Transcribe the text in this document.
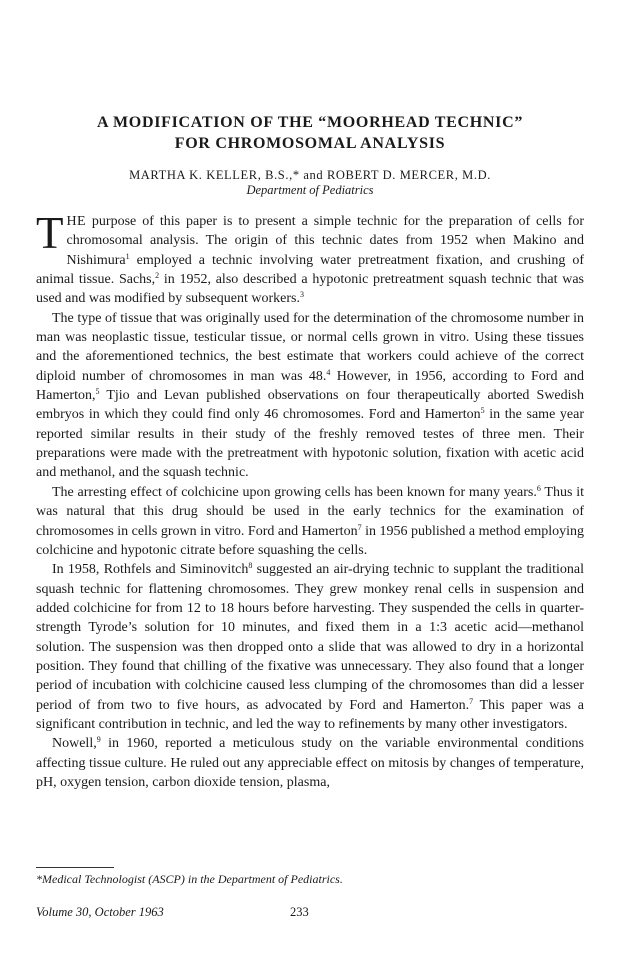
A MODIFICATION OF THE “MOORHEAD TECHNIC”
FOR CHROMOSOMAL ANALYSIS
MARTHA K. KELLER, B.S.,* and ROBERT D. MERCER, M.D.
Department of Pediatrics

THE purpose of this paper is to present a simple technic for the preparation of cells for chromosomal analysis. The origin of this technic dates from 1952 when Makino and Nishimura$^1$ employed a technic involving water pretreatment fixation, and crushing of animal tissue. Sachs,$^2$ in 1952, also described a hypotonic pretreatment squash technic that was used and was modified by subsequent workers.$^3$

The type of tissue that was originally used for the determination of the chromosome number in man was neoplastic tissue, testicular tissue, or normal cells grown in vitro. Using these tissues and the aforementioned technics, the best estimate that workers could achieve of the correct diploid number of chromosomes in man was 48.$^4$ However, in 1956, according to Ford and Hamerton,$^5$ Tjio and Levan published observations on four therapeutically aborted Swedish embryos in which they could find only 46 chromosomes. Ford and Hamerton$^5$ in the same year reported similar results in their study of the freshly removed testes of three men. Their preparations were made with the pretreatment with hypotonic solution, fixation with acetic acid and methanol, and the squash technic.

The arresting effect of colchicine upon growing cells has been known for many years.$^6$ Thus it was natural that this drug should be used in the early technics for the examination of chromosomes in cells grown in vitro. Ford and Hamerton$^7$ in 1956 published a method employing colchicine and hypotonic citrate before squashing the cells.

In 1958, Rothfels and Siminovitch$^8$ suggested an air-drying technic to supplant the traditional squash technic for flattening chromosomes. They grew monkey renal cells in suspension and added colchicine for from 12 to 18 hours before harvesting. They suspended the cells in quarter-strength Tyrode’s solution for 10 minutes, and fixed them in a 1:3 acetic acid—methanol solution. The suspension was then dropped onto a slide that was allowed to dry in a horizontal position. They found that chilling of the fixative was unnecessary. They also found that a longer period of incubation with colchicine caused less clumping of the chromosomes than did a lesser period of from two to five hours, as advocated by Ford and Hamerton.$^7$ This paper was a significant contribution in technic, and led the way to refinements by many other investigators.

Nowell,$^9$ in 1960, reported a meticulous study on the variable environmental conditions affecting tissue culture. He ruled out any appreciable effect on mitosis by changes of temperature, pH, oxygen tension, carbon dioxide tension, plasma,

*Medical Technologist (ASCP) in the Department of Pediatrics.
Volume 30, October 1963	233
